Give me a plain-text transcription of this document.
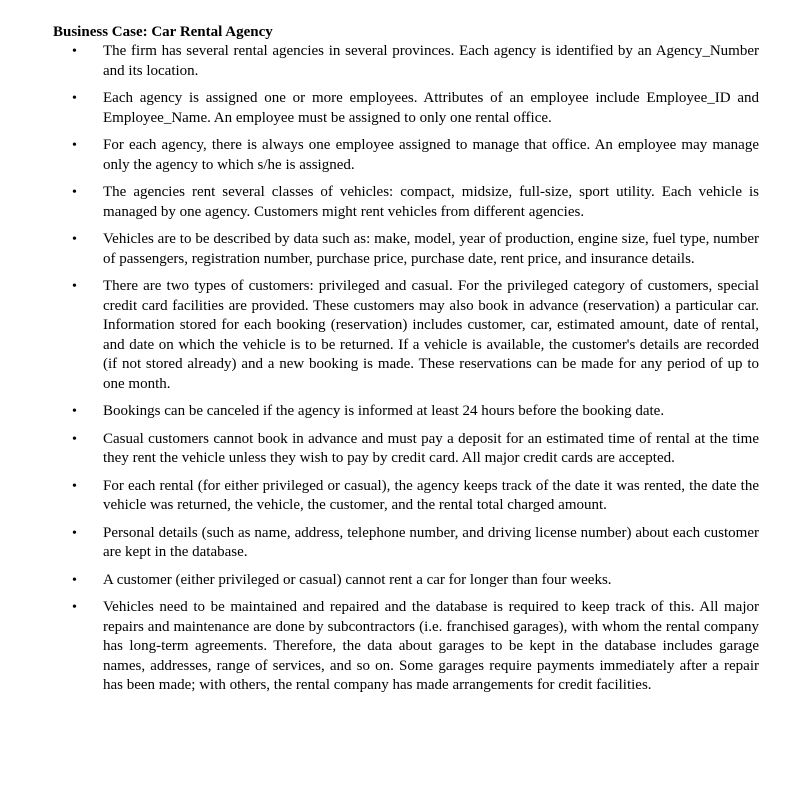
Business Case: Car Rental Agency
• The firm has several rental agencies in several provinces. Each agency is identified by an Agency_Number and its location.
• Each agency is assigned one or more employees. Attributes of an employee include Employee_ID and Employee_Name. An employee must be assigned to only one rental office.
• For each agency, there is always one employee assigned to manage that office. An employee may manage only the agency to which s/he is assigned.
• The agencies rent several classes of vehicles: compact, midsize, full-size, sport utility. Each vehicle is managed by one agency. Customers might rent vehicles from different agencies.
• Vehicles are to be described by data such as: make, model, year of production, engine size, fuel type, number of passengers, registration number, purchase price, purchase date, rent price, and insurance details.
• There are two types of customers: privileged and casual. For the privileged category of customers, special credit card facilities are provided. These customers may also book in advance (reservation) a particular car. Information stored for each booking (reservation) includes customer, car, estimated amount, date of rental, and date on which the vehicle is to be returned. If a vehicle is available, the customer's details are recorded (if not stored already) and a new booking is made. These reservations can be made for any period of up to one month.
• Bookings can be canceled if the agency is informed at least 24 hours before the booking date.
• Casual customers cannot book in advance and must pay a deposit for an estimated time of rental at the time they rent the vehicle unless they wish to pay by credit card. All major credit cards are accepted.
• For each rental (for either privileged or casual), the agency keeps track of the date it was rented, the date the vehicle was returned, the vehicle, the customer, and the rental total charged amount.
• Personal details (such as name, address, telephone number, and driving license number) about each customer are kept in the database.
• A customer (either privileged or casual) cannot rent a car for longer than four weeks.
• Vehicles need to be maintained and repaired and the database is required to keep track of this. All major repairs and maintenance are done by subcontractors (i.e. franchised garages), with whom the rental company has long-term agreements. Therefore, the data about garages to be kept in the database includes garage names, addresses, range of services, and so on. Some garages require payments immediately after a repair has been made; with others, the rental company has made arrangements for credit facilities.
